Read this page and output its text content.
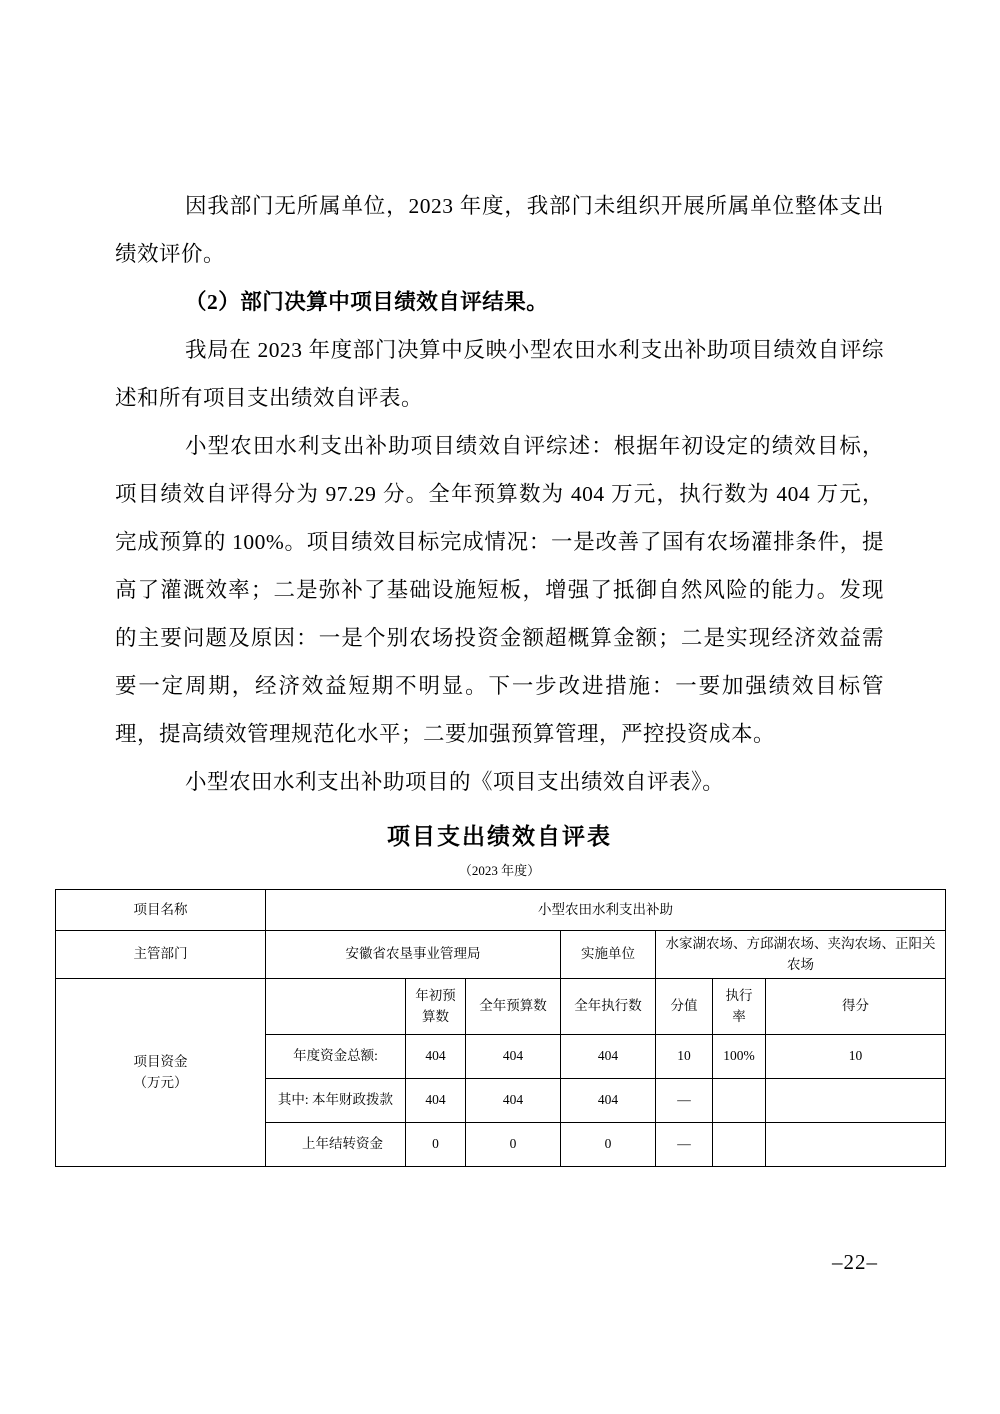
因我部门无所属单位，2023 年度，我部门未组织开展所属单位整体支出绩效评价。

（2）部门决算中项目绩效自评结果。

我局在 2023 年度部门决算中反映小型农田水利支出补助项目绩效自评综述和所有项目支出绩效自评表。

小型农田水利支出补助项目绩效自评综述：根据年初设定的绩效目标，项目绩效自评得分为 97.29 分。全年预算数为 404 万元，执行数为 404 万元，完成预算的 100%。项目绩效目标完成情况：一是改善了国有农场灌排条件，提高了灌溉效率；二是弥补了基础设施短板，增强了抵御自然风险的能力。发现的主要问题及原因：一是个别农场投资金额超概算金额；二是实现经济效益需要一定周期，经济效益短期不明显。下一步改进措施：一要加强绩效目标管理，提高绩效管理规范化水平；二要加强预算管理，严控投资成本。

小型农田水利支出补助项目的《项目支出绩效自评表》。

项目支出绩效自评表
（2023 年度）
项目名称	小型农田水利支出补助						
主管部门	安徽省农垦事业管理局			实施单位	水家湖农场、方邱湖农场、夹沟农场、正阳关农场		

项目资金
（万元）		年初预算数	全年预算数	全年执行数	分值	执行率	得分
	年度资金总额:	404	404	404	10	100%	10
	其中: 本年财政拨款	404	404	404	—		
	上年结转资金	0	0	0	—		
–22–
